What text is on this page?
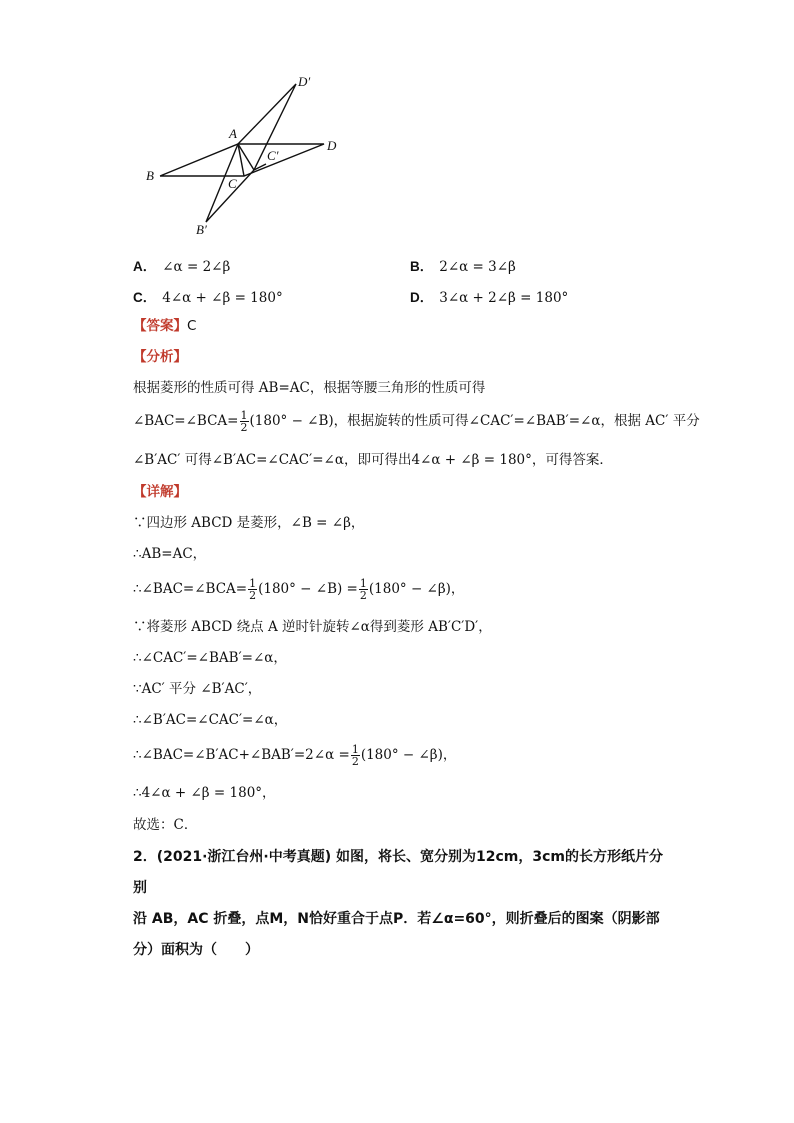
D′
A
C′
D
B
C
B′
A． ∠α = 2∠β	B． 2∠α = 3∠β
C． 4∠α + ∠β = 180°	D． 3∠α + 2∠β = 180°
【答案】C
【分析】
根据菱形的性质可得 AB=AC，根据等腰三角形的性质可得
∠BAC=∠BCA= $\frac{1}{2} (180^\circ$ − ∠B)，根据旋转的性质可得∠CAC′=∠BAB′=∠α，根据 AC′ 平分
∠B′AC′ 可得∠B′AC=∠CAC′=∠α，即可得出4∠α + ∠β = 180°，可得答案．
【详解】
∵四边形 ABCD 是菱形，∠B = ∠β，
∴AB=AC，
∴∠BAC=∠BCA= $\frac{1}{2} (180^\circ$ − ∠B) = $\frac{1}{2} (180^\circ$ − ∠β)，
∵将菱形 ABCD 绕点 A 逆时针旋转∠α得到菱形 AB′C′D′，
∴∠CAC′=∠BAB′=∠α，
∵AC′ 平分 ∠B′AC′，
∴∠B′AC=∠CAC′=∠α，
∴∠BAC=∠B′AC+∠BAB′=2∠α = $\frac{1}{2} (180^\circ$ − ∠β)，
∴4∠α + ∠β = 180°，
故选：C．
2．(2021·浙江台州·中考真题) 如图，将长、宽分别为12cm，3cm的长方形纸片分别
沿 AB，AC 折叠，点M，N恰好重合于点P．若∠α=60°，则折叠后的图案（阴影部
分）面积为（　　）
